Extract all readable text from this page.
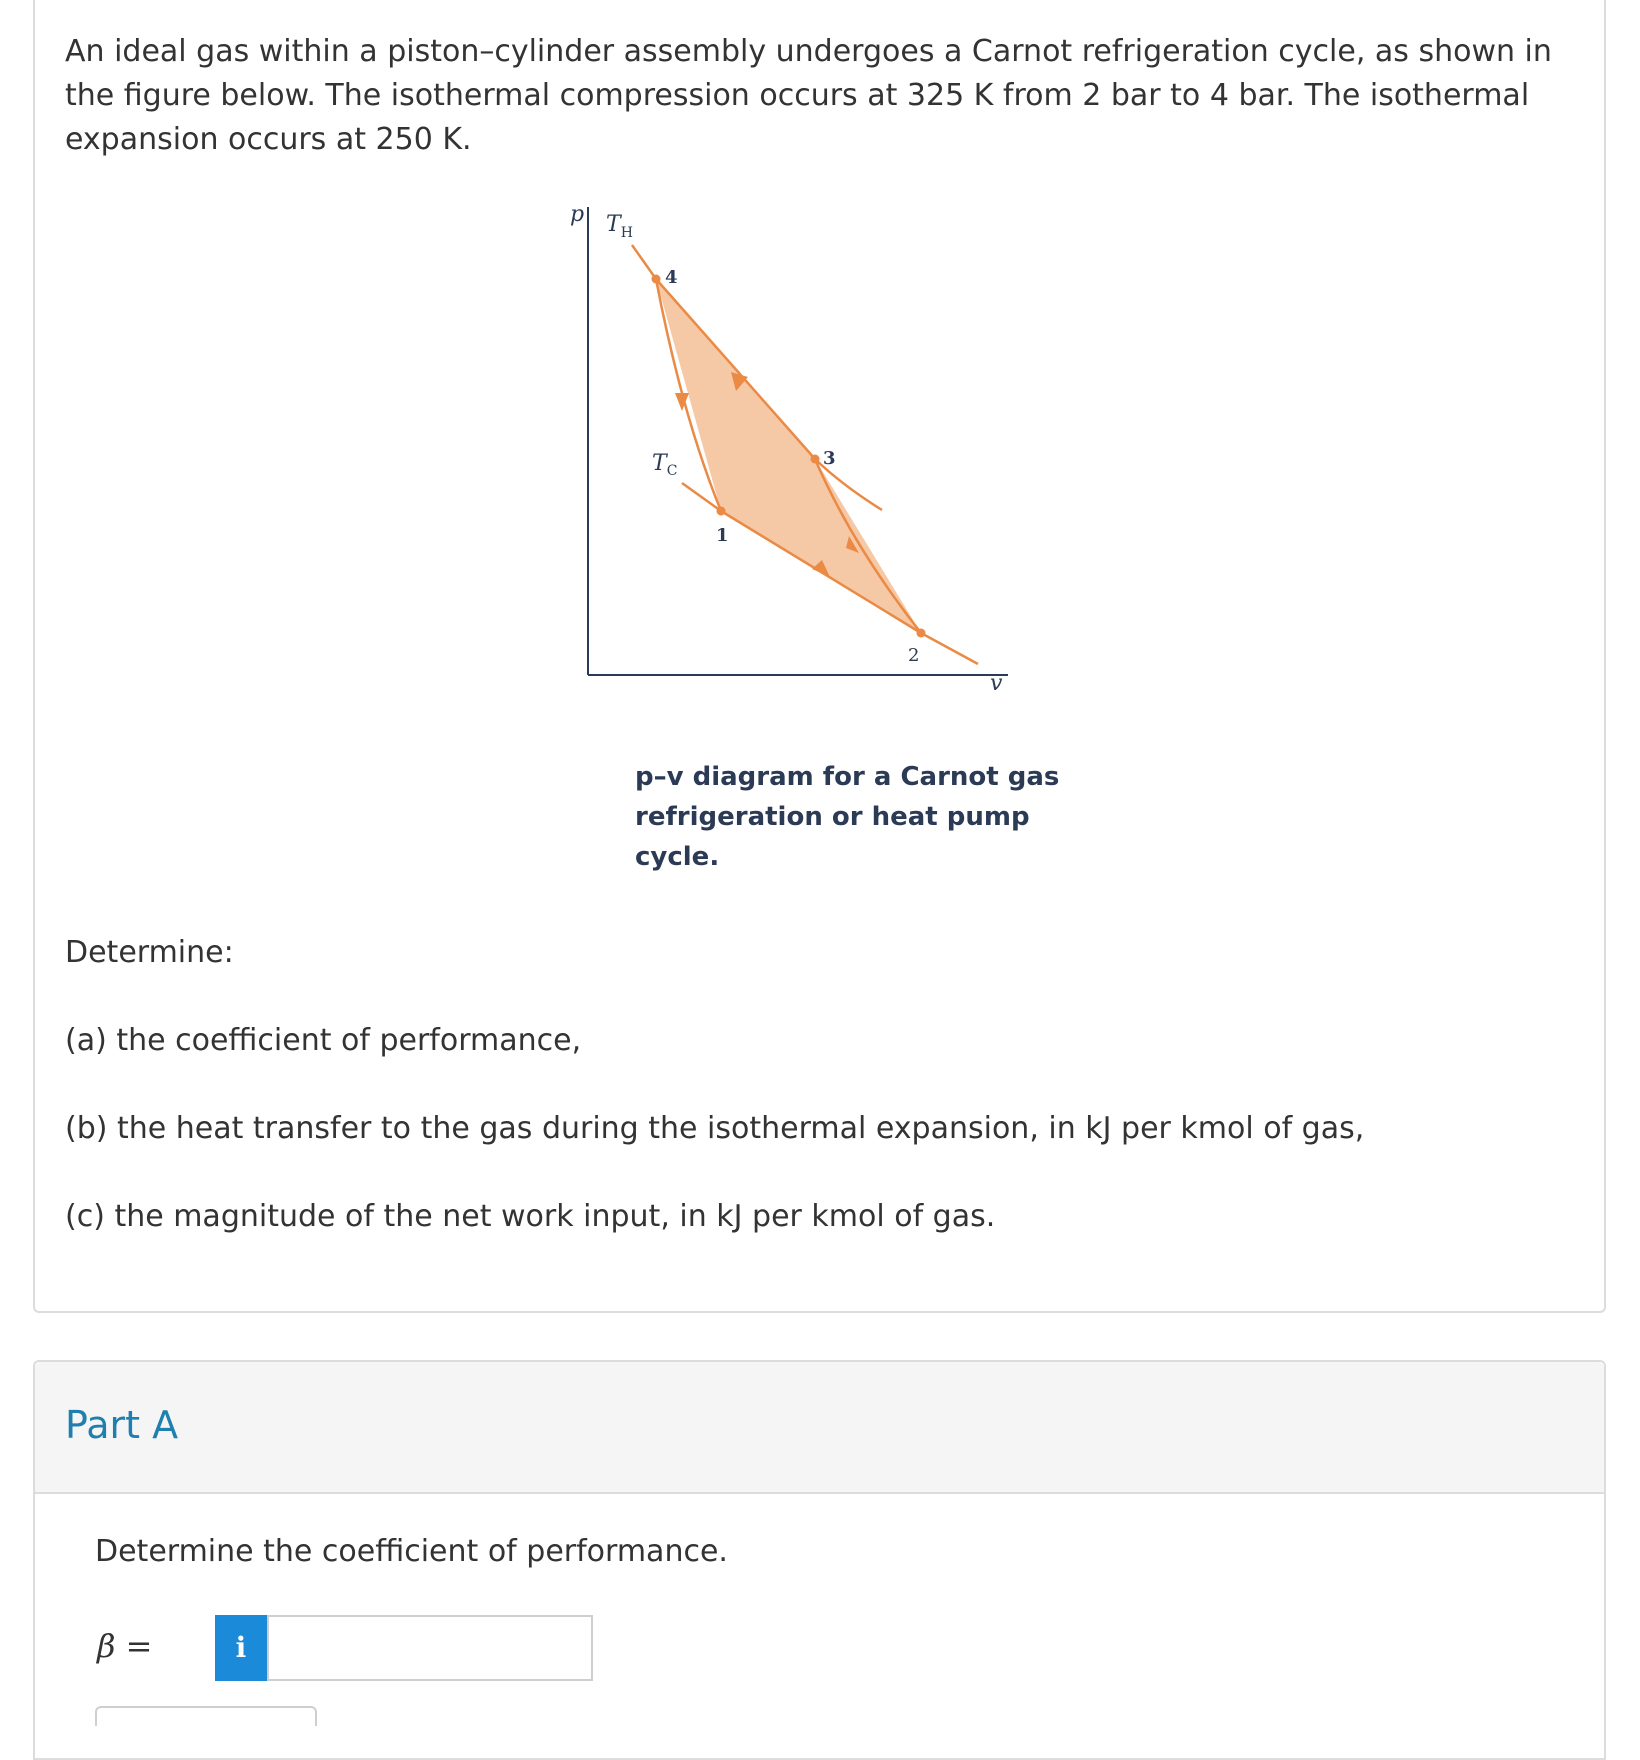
An ideal gas within a piston–cylinder assembly undergoes a Carnot refrigeration cycle, as shown in the figure below. The isothermal compression occurs at 325 K from 2 bar to 4 bar. The isothermal expansion occurs at 250 K.

p
v
$T_H$
$T_C$
4
3
1
2

p–v diagram for a Carnot gas
refrigeration or heat pump cycle.

Determine:

(a) the coefficient of performance,

(b) the heat transfer to the gas during the isothermal expansion, in kJ per kmol of gas,

(c) the magnitude of the net work input, in kJ per kmol of gas.

Part A

Determine the coefficient of performance.

β =	i
